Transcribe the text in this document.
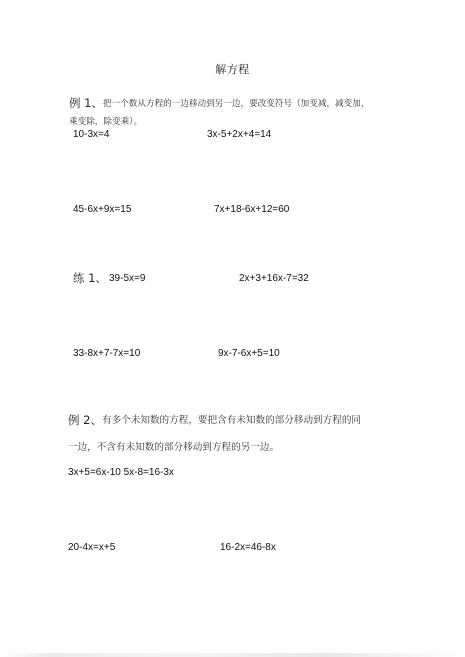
解方程
例 1、 把一个数从方程的一边移动到另一边，要改变符号（加变减，减变加，
乘变除，除变乘）。
10-3x=4	3x-5+2x+4=14
45-6x+9x=15	7x+18-6x+12=60
练 1、 39-5x=9	2x+3+16x-7=32
33-8x+7-7x=10	9x-7-6x+5=10
例 2、 有多个未知数的方程，要把含有未知数的部分移动到方程的同
一边，不含有未知数的部分移动到方程的另一边。
3x+5=6x-10 5x-8=16-3x
20-4x=x+5	16-2x=46-8x
